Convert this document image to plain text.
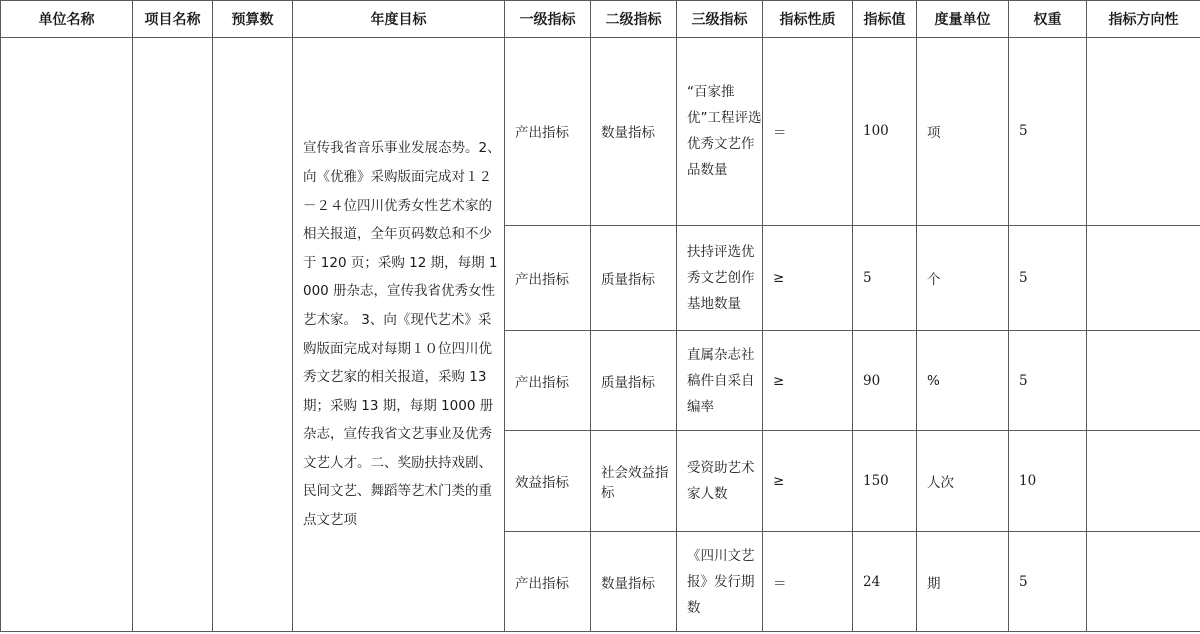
单位名称	项目名称	预算数	年度目标	一级指标	二级指标	三级指标	指标性质	指标值	度量单位	权重	指标方向性
			宣传我省音乐事业发展态势。2、向《优雅》采购版面完成对１２－２４位四川优秀女性艺术家的相关报道，全年页码数总和不少于 120 页；采购 12 期，每期 1000 册杂志，宣传我省优秀女性艺术家。 3、向《现代艺术》采购版面完成对每期１０位四川优秀文艺家的相关报道，采购 13 期；采购 13 期，每期 1000 册杂志，宣传我省文艺事业及优秀文艺人才。二、奖励扶持戏剧、民间文艺、舞蹈等艺术门类的重点文艺项	产出指标	数量指标	“百家推优”工程评选优秀文艺作品数量	＝	100	项	5	
				产出指标	质量指标	扶持评选优秀文艺创作基地数量	≥	5	个	5	
				产出指标	质量指标	直属杂志社稿件自采自编率	≥	90	%	5	
				效益指标	社会效益指标	受资助艺术家人数	≥	150	人次	10	
				产出指标	数量指标	《四川文艺报》发行期数	＝	24	期	5	
